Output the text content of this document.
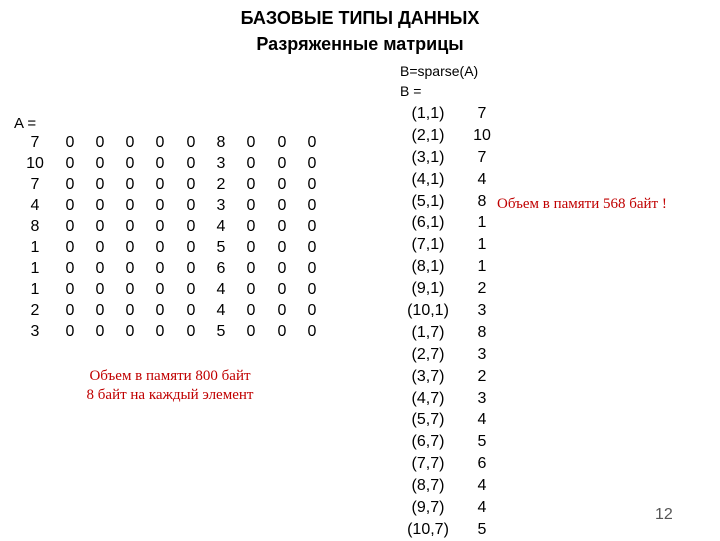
БАЗОВЫЕ ТИПЫ ДАННЫХ
Разряженные матрицы
A =
7	0	0	0	0	0	8	0	0	0
10	0	0	0	0	0	3	0	0	0
7	0	0	0	0	0	2	0	0	0
4	0	0	0	0	0	3	0	0	0
8	0	0	0	0	0	4	0	0	0
1	0	0	0	0	0	5	0	0	0
1	0	0	0	0	0	6	0	0	0
1	0	0	0	0	0	4	0	0	0
2	0	0	0	0	0	4	0	0	0
3	0	0	0	0	0	5	0	0	0
Объем в памяти 800 байт
8 байт на каждый элемент
B=sparse(A)
B =
(1,1)	7
(2,1)	10
(3,1)	7
(4,1)	4
(5,1)	8
(6,1)	1
(7,1)	1
(8,1)	1
(9,1)	2
(10,1)	3
(1,7)	8
(2,7)	3
(3,7)	2
(4,7)	3
(5,7)	4
(6,7)	5
(7,7)	6
(8,7)	4
(9,7)	4
(10,7)	5
Объем в памяти 568 байт !
12
